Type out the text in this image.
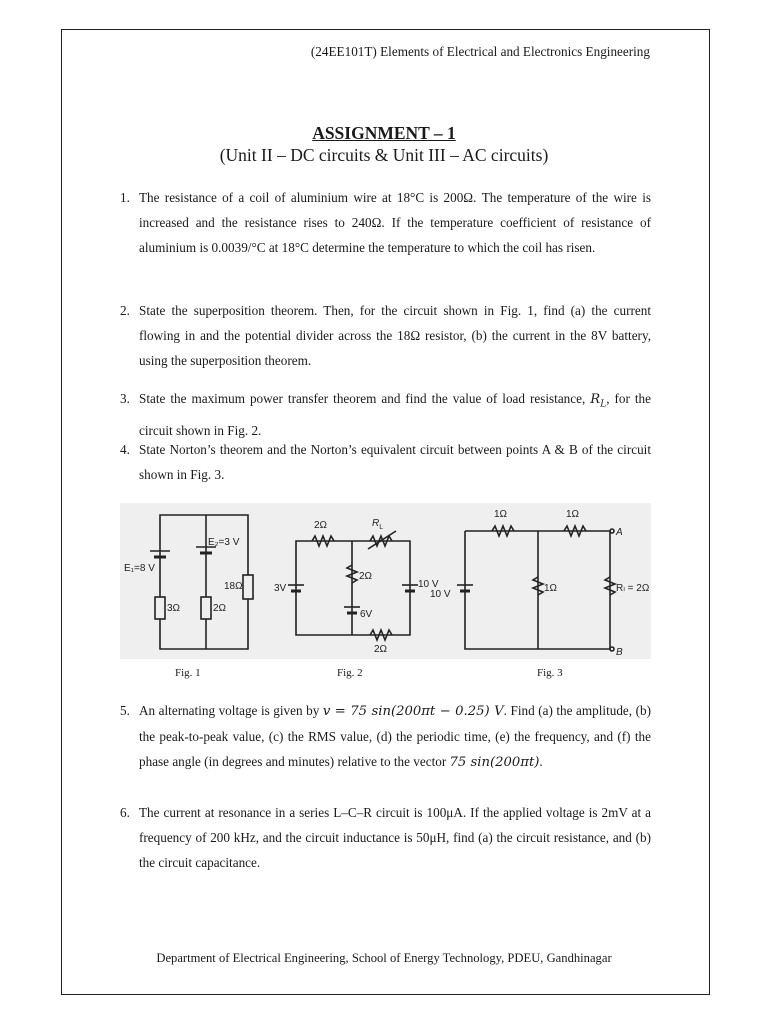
(24EE101T) Elements of Electrical and Electronics Engineering
ASSIGNMENT – 1
(Unit II – DC circuits & Unit III – AC circuits)
1. The resistance of a coil of aluminium wire at 18°C is 200Ω. The temperature of the wire is increased and the resistance rises to 240Ω. If the temperature coefficient of resistance of aluminium is 0.0039/°C at 18°C determine the temperature to which the coil has risen.
2. State the superposition theorem. Then, for the circuit shown in Fig. 1, find (a) the current flowing in and the potential divider across the 18Ω resistor, (b) the current in the 8V battery, using the superposition theorem.
3. State the maximum power transfer theorem and find the value of load resistance, $R_L$, for the circuit shown in Fig. 2.
4. State Norton’s theorem and the Norton’s equivalent circuit between points A & B of the circuit shown in Fig. 3.
E₁=8 V
E₂=3 V
18Ω
3Ω	2Ω
2Ω	$R_L$
3V
2Ω
6V
10 V
2Ω
1Ω	1Ω
10 V
1Ω	Rₗ = 2Ω
A
B
Fig. 1	Fig. 2	Fig. 3
5. An alternating voltage is given by v = 75 sin(200πt − 0.25) V. Find (a) the amplitude, (b) the peak-to-peak value, (c) the RMS value, (d) the periodic time, (e) the frequency, and (f) the phase angle (in degrees and minutes) relative to the vector 75 sin(200πt).
6. The current at resonance in a series L–C–R circuit is 100μA. If the applied voltage is 2mV at a frequency of 200 kHz, and the circuit inductance is 50μH, find (a) the circuit resistance, and (b) the circuit capacitance.
Department of Electrical Engineering, School of Energy Technology, PDEU, Gandhinagar
